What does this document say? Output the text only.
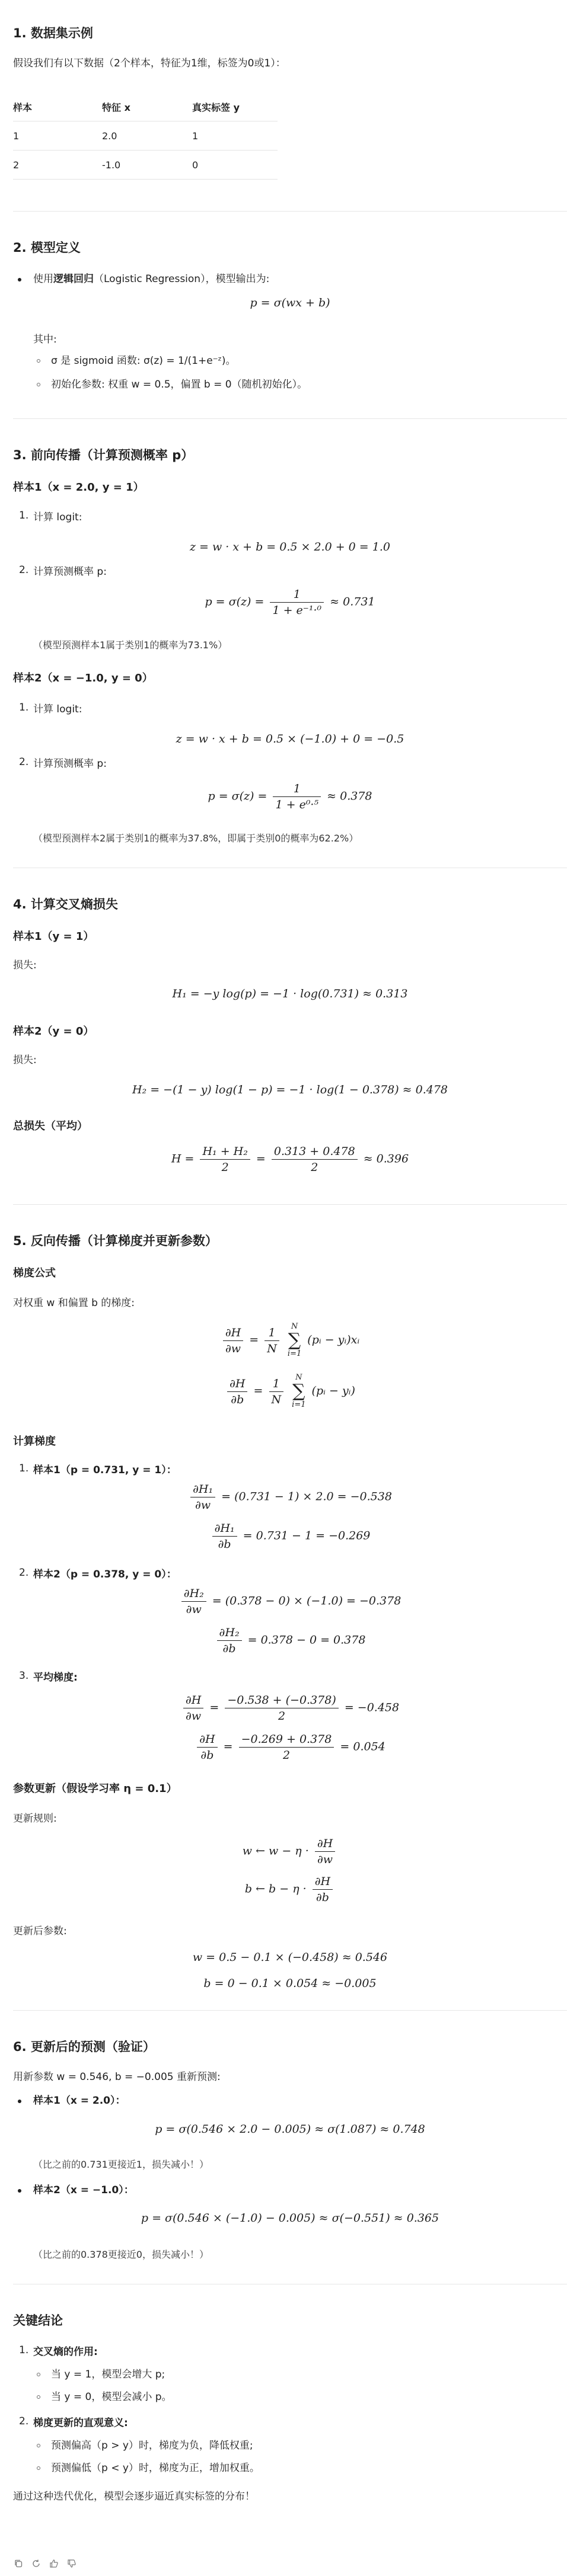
1. 数据集示例
假设我们有以下数据（2个样本，特征为1维，标签为0或1）：
样本	特征 x	真实标签 y
1	2.0	1
2	-1.0	0
2. 模型定义
使用逻辑回归（Logistic Regression），模型输出为:
p = σ(wx + b)
其中:
σ 是 sigmoid 函数: σ(z) = 1/(1+e⁻ᶻ)。
初始化参数: 权重 w = 0.5，偏置 b = 0（随机初始化）。
3. 前向传播（计算预测概率 p）
样本1（x = 2.0, y = 1）
1. 计算 logit:
z = w · x + b = 0.5 × 2.0 + 0 = 1.0
2. 计算预测概率 p:
$p = \sigma(z) = \frac{1}{\text{1 + e⁻¹·⁰}} \approx 0.731$
（模型预测样本1属于类别1的概率为73.1%）
样本2（x = −1.0, y = 0）
1. 计算 logit:
z = w · x + b = 0.5 × (−1.0) + 0 = −0.5
2. 计算预测概率 p:
$p = \sigma(z) = \frac{1}{\text{1 + e⁰·⁵}} \approx 0.378$
（模型预测样本2属于类别1的概率为37.8%，即属于类别0的概率为62.2%）
4. 计算交叉熵损失
样本1（y = 1）
损失:
H₁ = −y log(p) = −1 · log(0.731) ≈ 0.313
样本2（y = 0）
损失:
H₂ = −(1 − y) log(1 − p) = −1 · log(1 − 0.378) ≈ 0.478
总损失（平均）
$H = \frac{\text{H₁ + H₂}}{2} = \frac{0.313 + 0.478}{2} \approx 0.396$
5. 反向传播（计算梯度并更新参数）
梯度公式
对权重 w 和偏置 b 的梯度:
$\frac{\partial H}{\partial w} = \frac{1}{N}$ N
∑
i=1 (pᵢ − yᵢ)xᵢ
$\frac{\partial H}{\partial b} = \frac{1}{N}$ N
∑
i=1 (pᵢ − yᵢ)
计算梯度
1. 样本1（p = 0.731, y = 1）：
$\frac{\text{∂H₁}}{\partial w} = (0.731 - 1) \times 2.0 = -0.538$
$\frac{\text{∂H₁}}{\partial b} = 0.731 - 1 = -0.269$
2. 样本2（p = 0.378, y = 0）：
$\frac{\text{∂H₂}}{\partial w} = (0.378 - 0) \times (-1.0) = -0.378$
$\frac{\text{∂H₂}}{\partial b} = 0.378 - 0 = 0.378$
3. 平均梯度:
$\frac{\partial H}{\partial w} = \frac{-0.538 + (-0.378)}{2} = -0.458$
$\frac{\partial H}{\partial b} = \frac{-0.269 + 0.378}{2} = 0.054$
参数更新（假设学习率 η = 0.1）
更新规则:
w ← $w - \eta \cdot \frac{\partial H}{\partial w}$
b ← $b - \eta \cdot \frac{\partial H}{\partial b}$
更新后参数:
w = 0.5 − 0.1 × (−0.458) ≈ 0.546
b = 0 − 0.1 × 0.054 ≈ −0.005
6. 更新后的预测（验证）
用新参数 w = 0.546, b = −0.005 重新预测:
样本1（x = 2.0）：
p = σ(0.546 × 2.0 − 0.005) ≈ σ(1.087) ≈ 0.748
（比之前的0.731更接近1，损失减小！）
样本2（x = −1.0）：
p = σ(0.546 × (−1.0) − 0.005) ≈ σ(−0.551) ≈ 0.365
（比之前的0.378更接近0，损失减小！）
关键结论
1. 交叉熵的作用:
当 y = 1，模型会增大 p;
当 y = 0，模型会减小 p。
2. 梯度更新的直观意义:
预测偏高（p > y）时，梯度为负，降低权重;
预测偏低（p < y）时，梯度为正，增加权重。
通过这种迭代优化，模型会逐步逼近真实标签的分布！
